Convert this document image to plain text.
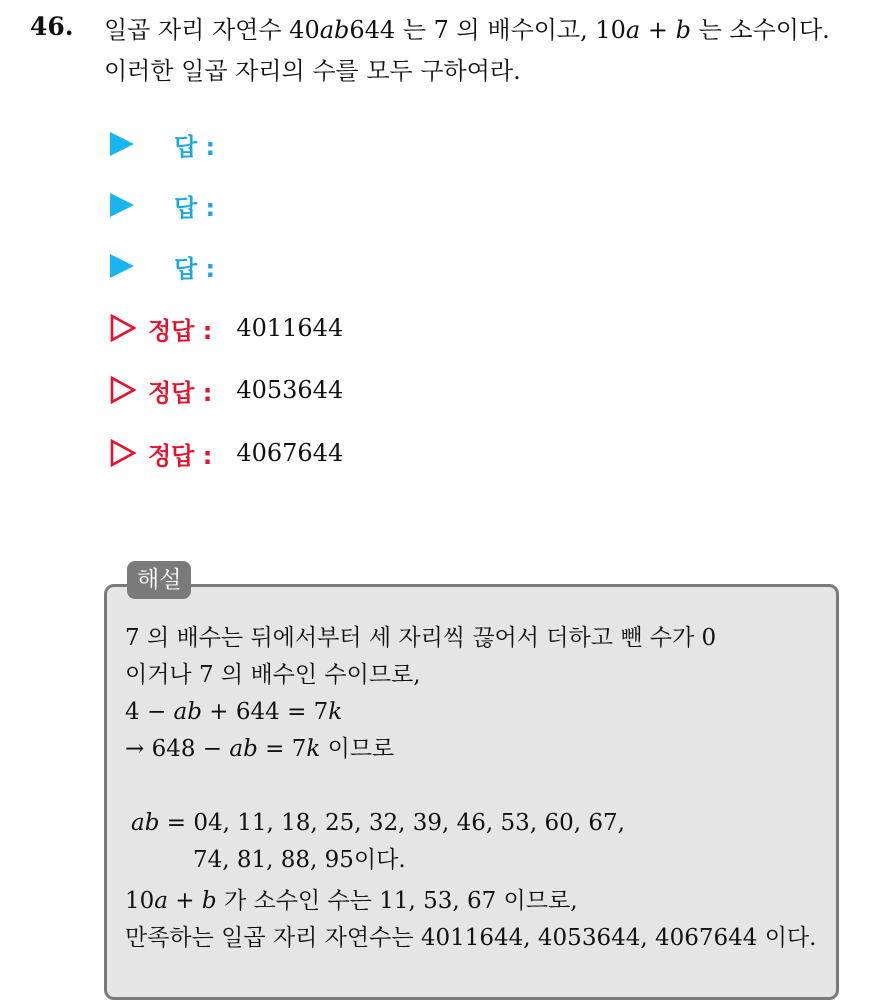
46. 일곱 자리 자연수 40ab644 는 7 의 배수이고, 10a + b 는 소수이다.
이러한 일곱 자리의 수를 모두 구하여라.
답 :
답 :
답 :
정답 : 4011644
정답 : 4053644
정답 : 4067644
해설
7 의 배수는 뒤에서부터 세 자리씩 끊어서 더하고 뺀 수가 0
이거나 7 의 배수인 수이므로,
4 − ab + 644 = 7k
→ 648 − ab = 7k 이므로
ab = 04, 11, 18, 25, 32, 39, 46, 53, 60, 67,
74, 81, 88, 95이다.
10a + b 가 소수인 수는 11, 53, 67 이므로,
만족하는 일곱 자리 자연수는 4011644, 4053644, 4067644 이다.
